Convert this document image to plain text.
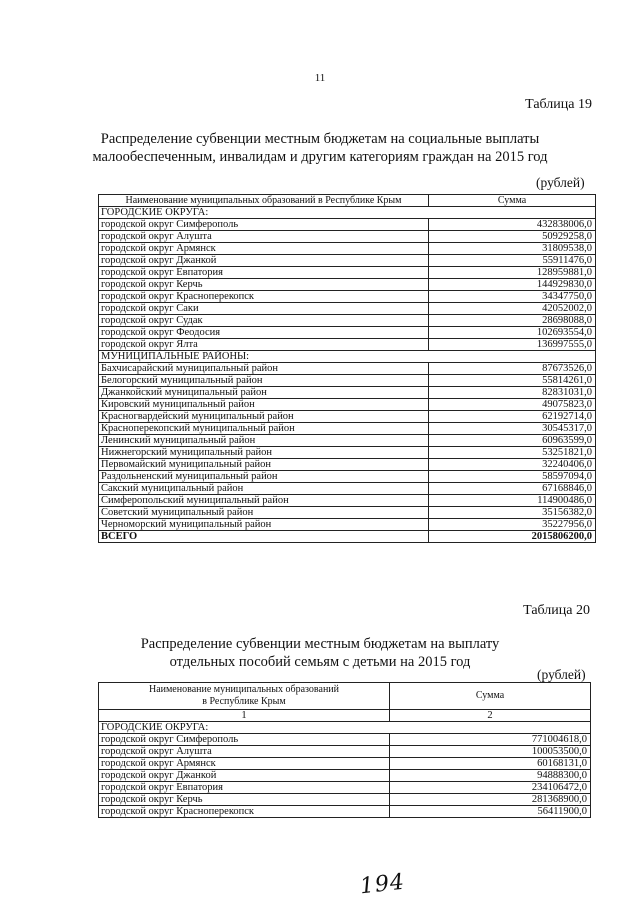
11
Таблица 19
Распределение субвенции местным бюджетам на социальные выплаты
малообеспеченным, инвалидам и другим категориям граждан на 2015 год
(рублей)
Наименование муниципальных образований в Республике Крым	Сумма
ГОРОДСКИЕ ОКРУГА:	
городской округ Симферополь	432838006,0
городской округ Алушта	50929258,0
городской округ Армянск	31809538,0
городской округ Джанкой	55911476,0
городской округ Евпатория	128959881,0
городской округ Керчь	144929830,0
городской округ Красноперекопск	34347750,0
городской округ Саки	42052002,0
городской округ Судак	28698088,0
городской округ Феодосия	102693554,0
городской округ Ялта	136997555,0
МУНИЦИПАЛЬНЫЕ РАЙОНЫ:	
Бахчисарайский муниципальный район	87673526,0
Белогорский муниципальный район	55814261,0
Джанкойский муниципальный район	82831031,0
Кировский муниципальный район	49075823,0
Красногвардейский муниципальный район	62192714,0
Красноперекопский муниципальный район	30545317,0
Ленинский муниципальный район	60963599,0
Нижнегорский муниципальный район	53251821,0
Первомайский муниципальный район	32240406,0
Раздольненский муниципальный район	58597094,0
Сакский муниципальный район	67168846,0
Симферопольский муниципальный район	114900486,0
Советский муниципальный район	35156382,0
Черноморский муниципальный район	35227956,0
ВСЕГО	2015806200,0
Таблица 20
Распределение субвенции местным бюджетам на выплату
отдельных пособий семьям с детьми на 2015 год
(рублей)
Наименование муниципальных образований
в Республике Крым	Сумма
1	2
ГОРОДСКИЕ ОКРУГА:	
городской округ Симферополь	771004618,0
городской округ Алушта	100053500,0
городской округ Армянск	60168131,0
городской округ Джанкой	94888300,0
городской округ Евпатория	234106472,0
городской округ Керчь	281368900,0
городской округ Красноперекопск	56411900,0
194
